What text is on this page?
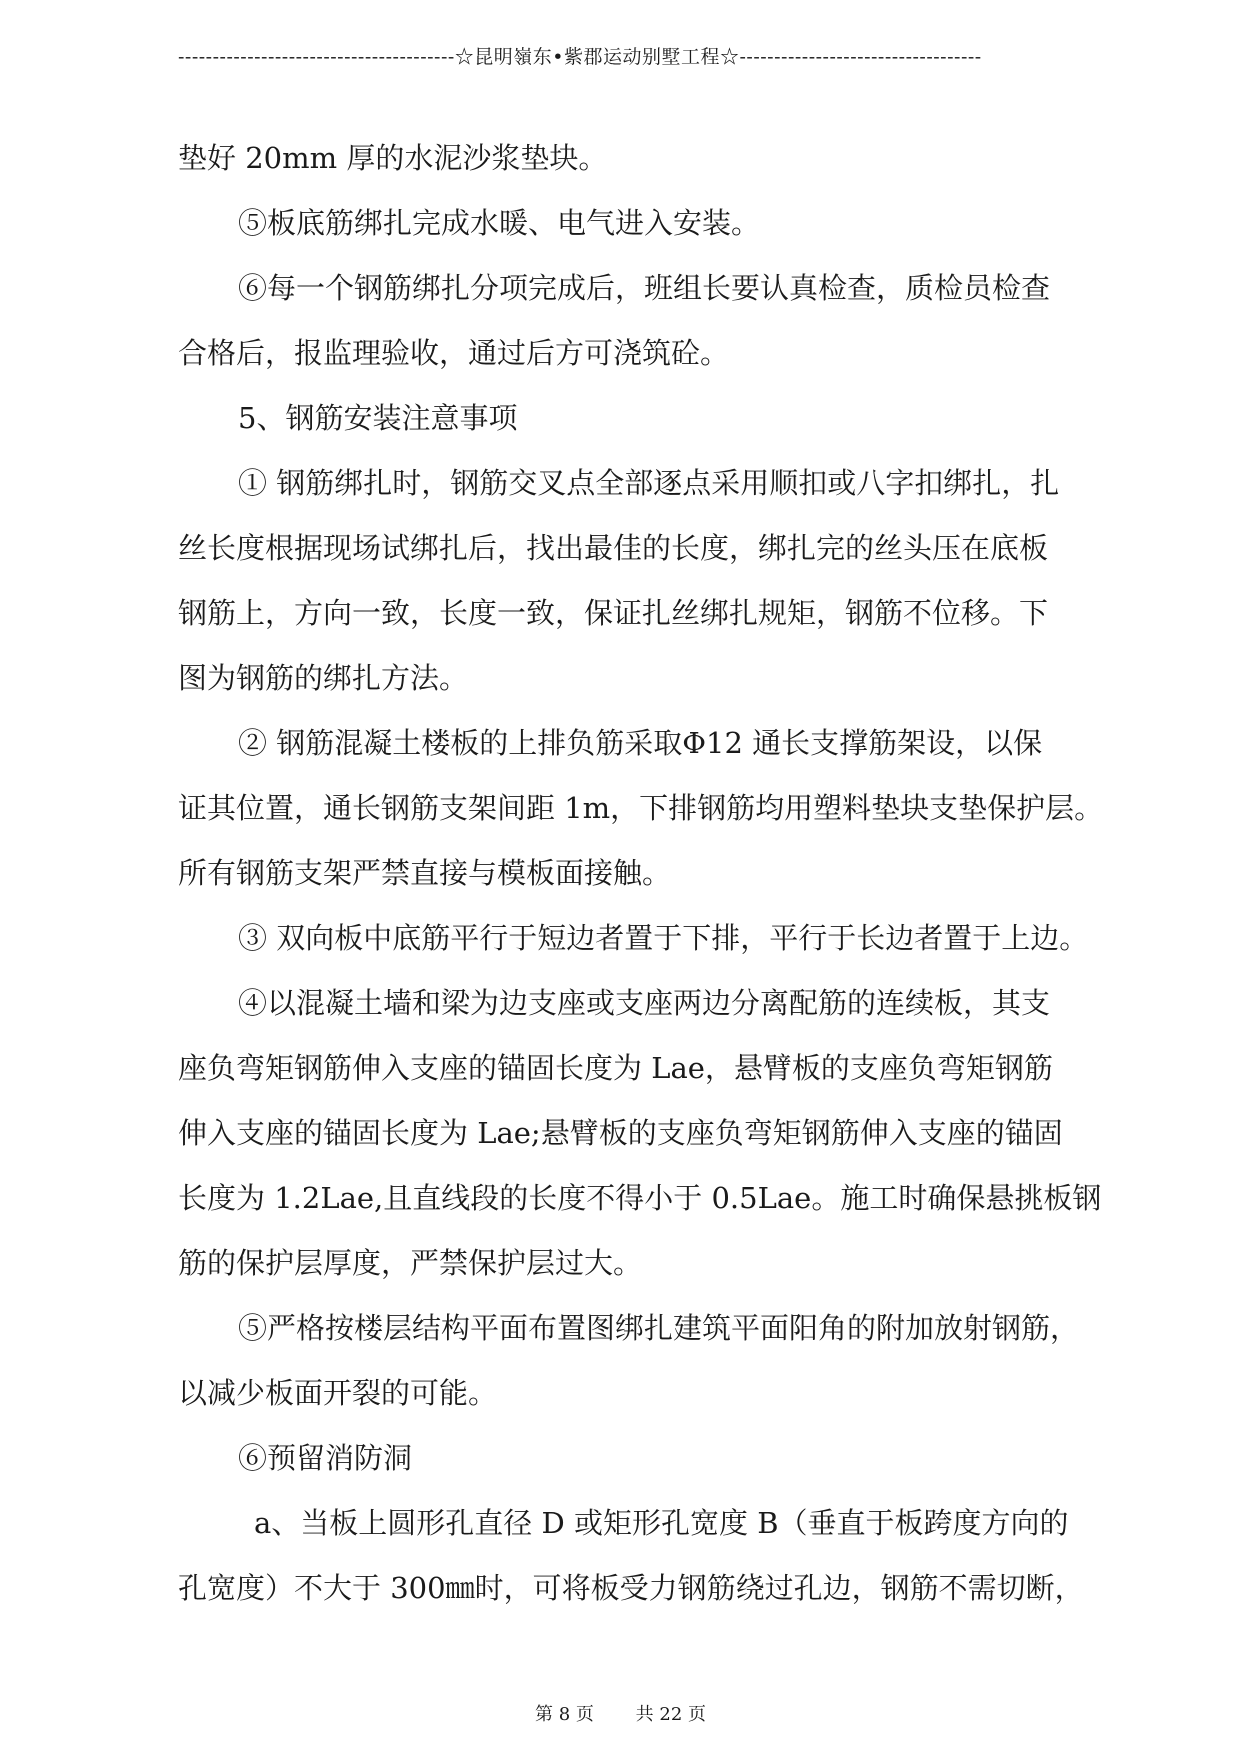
----------------------------------------☆昆明嶺东•紫郡运动别墅工程☆-----------------------------------
垫好 20mm 厚的水泥沙浆垫块。
⑤板底筋绑扎完成水暖、电气进入安装。
⑥每一个钢筋绑扎分项完成后，班组长要认真检查，质检员检查
合格后，报监理验收，通过后方可浇筑砼。
5、钢筋安装注意事项
① 钢筋绑扎时，钢筋交叉点全部逐点采用顺扣或八字扣绑扎，扎
丝长度根据现场试绑扎后，找出最佳的长度，绑扎完的丝头压在底板
钢筋上，方向一致，长度一致，保证扎丝绑扎规矩，钢筋不位移。下
图为钢筋的绑扎方法。
② 钢筋混凝土楼板的上排负筋采取Φ12 通长支撑筋架设，以保
证其位置，通长钢筋支架间距 1m，下排钢筋均用塑料垫块支垫保护层。
所有钢筋支架严禁直接与模板面接触。
③ 双向板中底筋平行于短边者置于下排，平行于长边者置于上边。
④以混凝土墙和梁为边支座或支座两边分离配筋的连续板，其支
座负弯矩钢筋伸入支座的锚固长度为 Lae，悬臂板的支座负弯矩钢筋
伸入支座的锚固长度为 Lae;悬臂板的支座负弯矩钢筋伸入支座的锚固
长度为 1.2Lae,且直线段的长度不得小于 0.5Lae。施工时确保悬挑板钢
筋的保护层厚度，严禁保护层过大。
⑤严格按楼层结构平面布置图绑扎建筑平面阳角的附加放射钢筋，
以减少板面开裂的可能。
⑥预留消防洞
a、当板上圆形孔直径 D 或矩形孔宽度 B（垂直于板跨度方向的
孔宽度）不大于 300㎜时，可将板受力钢筋绕过孔边，钢筋不需切断，
第 8 页 共 22 页
